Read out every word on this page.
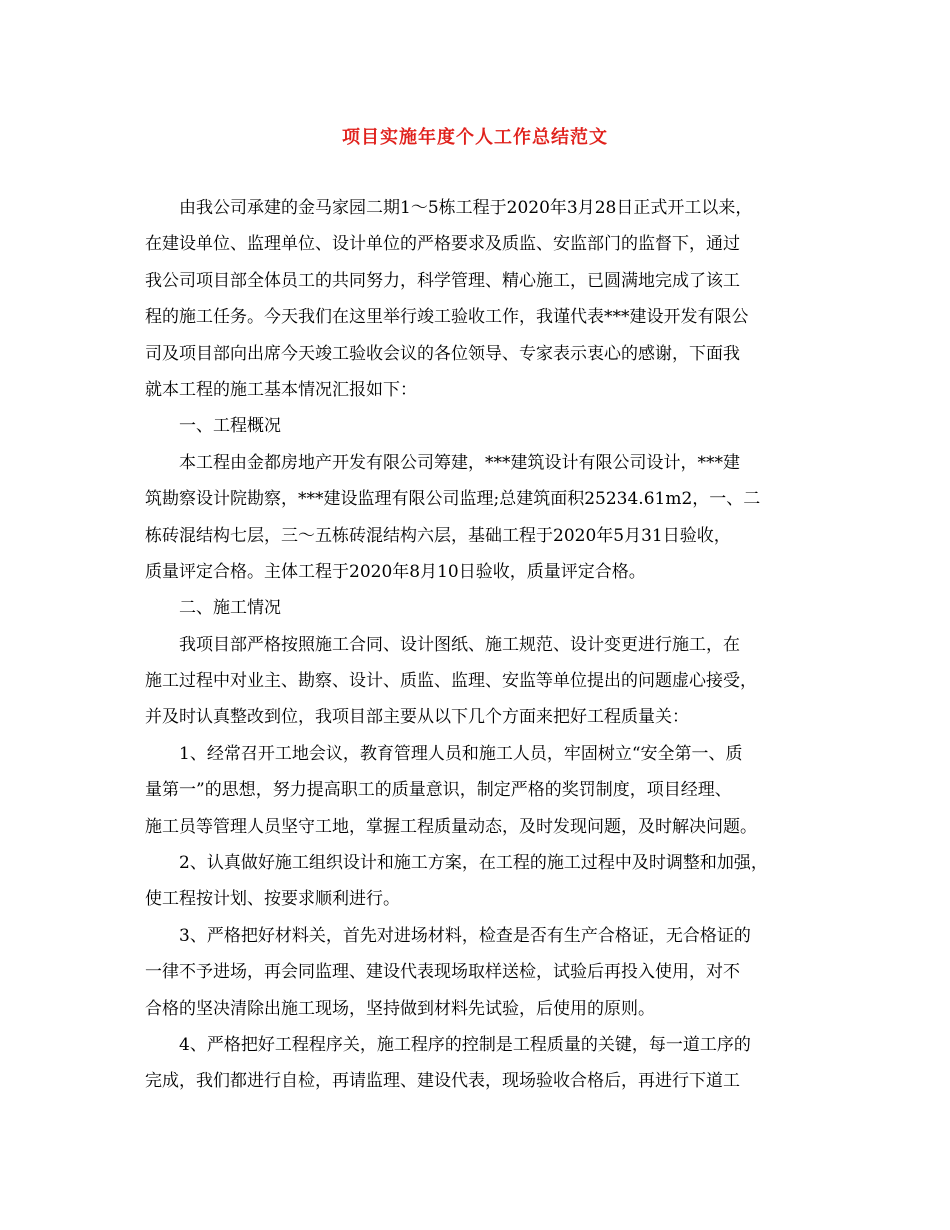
项目实施年度个人工作总结范文
由我公司承建的金马家园二期1～5栋工程于2020年3月28日正式开工以来，
在建设单位、监理单位、设计单位的严格要求及质监、安监部门的监督下，通过
我公司项目部全体员工的共同努力，科学管理、精心施工，已圆满地完成了该工
程的施工任务。今天我们在这里举行竣工验收工作，我谨代表***建设开发有限公
司及项目部向出席今天竣工验收会议的各位领导、专家表示衷心的感谢，下面我
就本工程的施工基本情况汇报如下：
一、工程概况
本工程由金都房地产开发有限公司筹建，***建筑设计有限公司设计，***建
筑勘察设计院勘察，***建设监理有限公司监理;总建筑面积25234.61m2，一、二
栋砖混结构七层，三～五栋砖混结构六层，基础工程于2020年5月31日验收，
质量评定合格。主体工程于2020年8月10日验收，质量评定合格。
二、施工情况
我项目部严格按照施工合同、设计图纸、施工规范、设计变更进行施工，在
施工过程中对业主、勘察、设计、质监、监理、安监等单位提出的问题虚心接受，
并及时认真整改到位，我项目部主要从以下几个方面来把好工程质量关：
1、经常召开工地会议，教育管理人员和施工人员，牢固树立“安全第一、质
量第一”的思想，努力提高职工的质量意识，制定严格的奖罚制度，项目经理、
施工员等管理人员坚守工地，掌握工程质量动态，及时发现问题，及时解决问题。
2、认真做好施工组织设计和施工方案，在工程的施工过程中及时调整和加强，
使工程按计划、按要求顺利进行。
3、严格把好材料关，首先对进场材料，检查是否有生产合格证，无合格证的
一律不予进场，再会同监理、建设代表现场取样送检，试验后再投入使用，对不
合格的坚决清除出施工现场，坚持做到材料先试验，后使用的原则。
4、严格把好工程程序关，施工程序的控制是工程质量的关键，每一道工序的
完成，我们都进行自检，再请监理、建设代表，现场验收合格后，再进行下道工
